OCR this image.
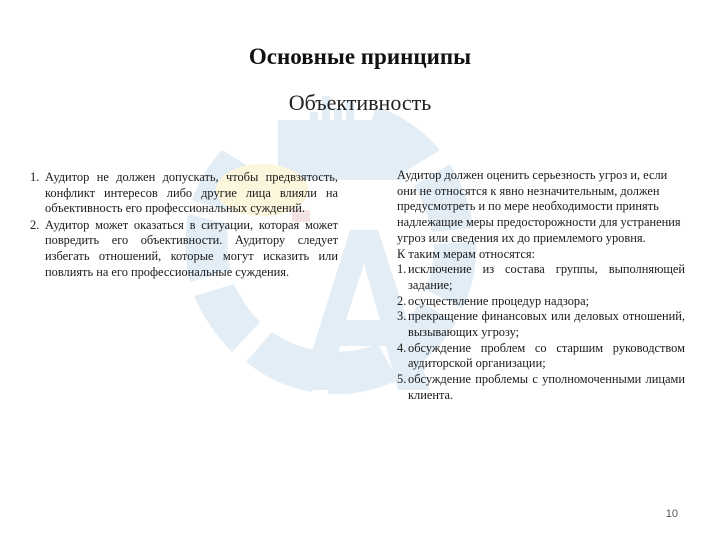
Основные принципы
Объективность
1. Аудитор не должен допускать, чтобы предвзятость, конфликт интересов либо другие лица влияли на объективность его профессиональных суждений.
2. Аудитор может оказаться в ситуации, которая может повредить его объективности. Аудитору следует избегать отношений, которые могут исказить или повлиять на его профессиональные суждения.

Аудитор должен оценить серьезность угроз и, если они не относятся к явно незначительным, должен предусмотреть и по мере необходимости принять надлежащие меры предосторожности для устранения угроз или сведения их до приемлемого уровня.

К таким мерам относятся:

1. исключение из состава группы, выполняющей задание;
2. осуществление процедур надзора;
3. прекращение финансовых или деловых отношений, вызывающих угрозу;
4. обсуждение проблем со старшим руководством аудиторской организации;
5. обсуждение проблемы с уполномоченными лицами клиента.
10
